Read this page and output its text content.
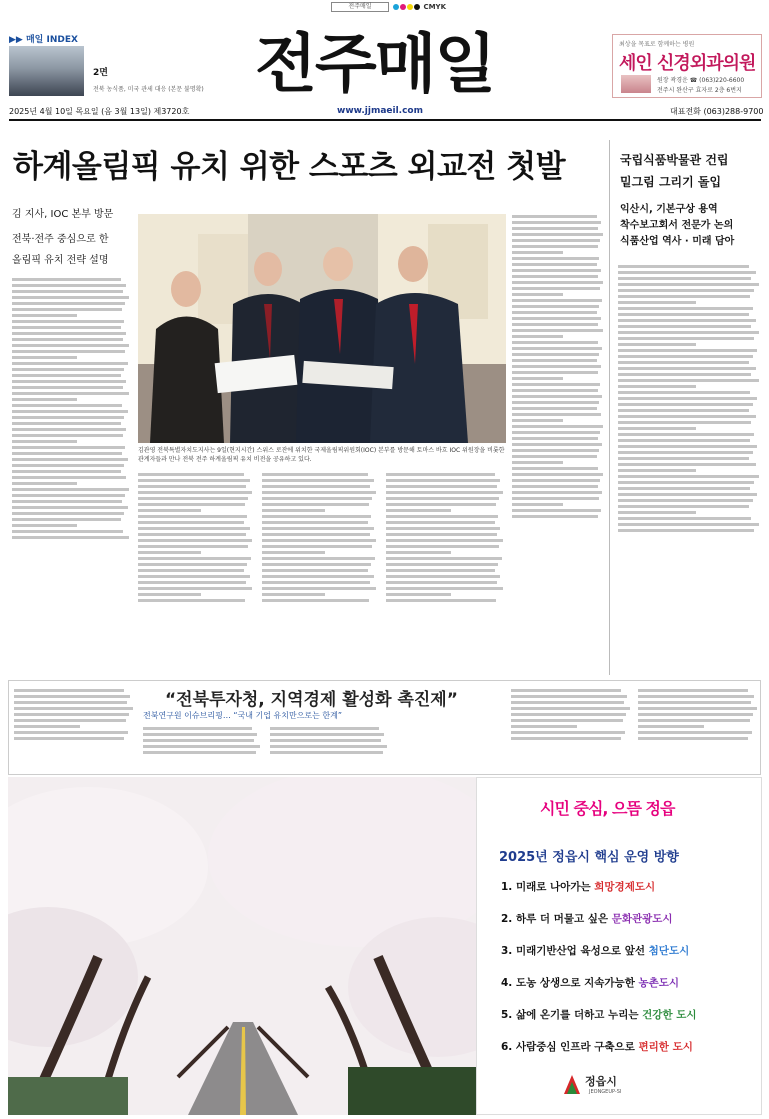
전주매일	CMYK
▶▶ 매일 INDEX
2면
전북 농식품, 미국 관세 대응 (본문 불명확) 전주매일	최상을 목표로 함께하는 병원
세인 신경외과의원
원장 곽경운 ☎ (063)220-6600
전주시 완산구 효자로 2층 6번지
2025년 4월 10일 목요일 (음 3월 13일) 제3720호	www.jjmaeil.com	대표전화 (063)288-9700
하계올림픽 유치 위한 스포츠 외교전 첫발
김 지사, IOC 본부 방문
전북·전주 중심으로 한
올림픽 유치 전략 설명
김관영 전북특별자치도지사는 9일(현지시간) 스위스 로잔에 위치한 국제올림픽위원회(IOC) 본부를 방문해 토마스 바흐 IOC 위원장을 비롯한 관계자들과 만나 전북 전주 하계올림픽 유치 비전을 공유하고 있다.
국립식품박물관 건립
밑그림 그리기 돌입
익산시, 기본구상 용역
착수보고회서 전문가 논의
식품산업 역사 · 미래 담아
“전북투자청, 지역경제 활성화 촉진제”
전북연구원 이슈브리핑… “국내 기업 유치만으로는 한계”
시민 중심, 으뜸 정읍
2025년 정읍시 핵심 운영 방향
1. 미래로 나아가는 희망경제도시
2. 하루 더 머물고 싶은 문화관광도시
3. 미래기반산업 육성으로 앞선 첨단도시
4. 도농 상생으로 지속가능한 농촌도시
5. 삶에 온기를 더하고 누리는 건강한 도시
6. 사람중심 인프라 구축으로 편리한 도시
정읍시
JEONGEUP-SI
